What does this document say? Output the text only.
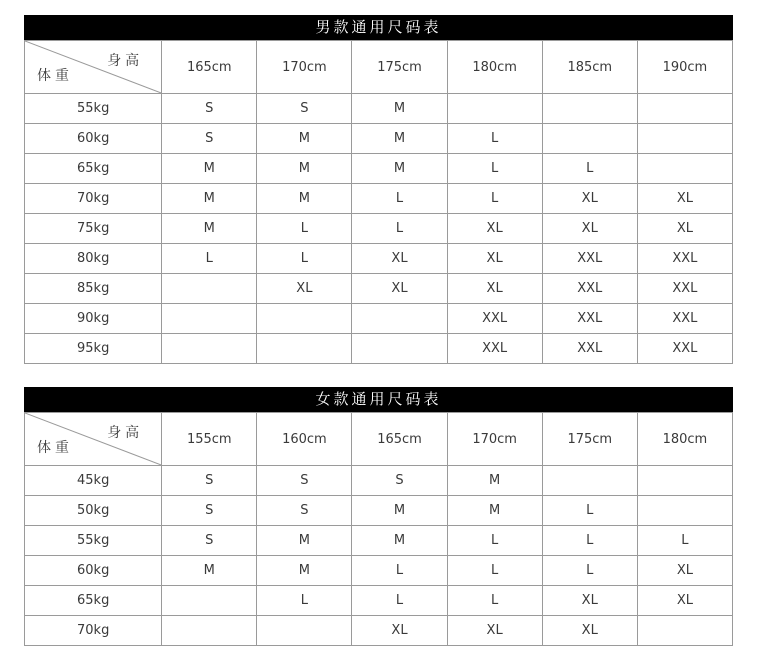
男款通用尺码表
身高
体重	165cm	170cm	175cm	180cm	185cm	190cm
55kg	S	S	M			
60kg	S	M	M	L		
65kg	M	M	M	L	L	
70kg	M	M	L	L	XL	XL
75kg	M	L	L	XL	XL	XL
80kg	L	L	XL	XL	XXL	XXL
85kg		XL	XL	XL	XXL	XXL
90kg				XXL	XXL	XXL
95kg				XXL	XXL	XXL
女款通用尺码表
身高
体重	155cm	160cm	165cm	170cm	175cm	180cm
45kg	S	S	S	M		
50kg	S	S	M	M	L	
55kg	S	M	M	L	L	L
60kg	M	M	L	L	L	XL
65kg		L	L	L	XL	XL
70kg			XL	XL	XL	
